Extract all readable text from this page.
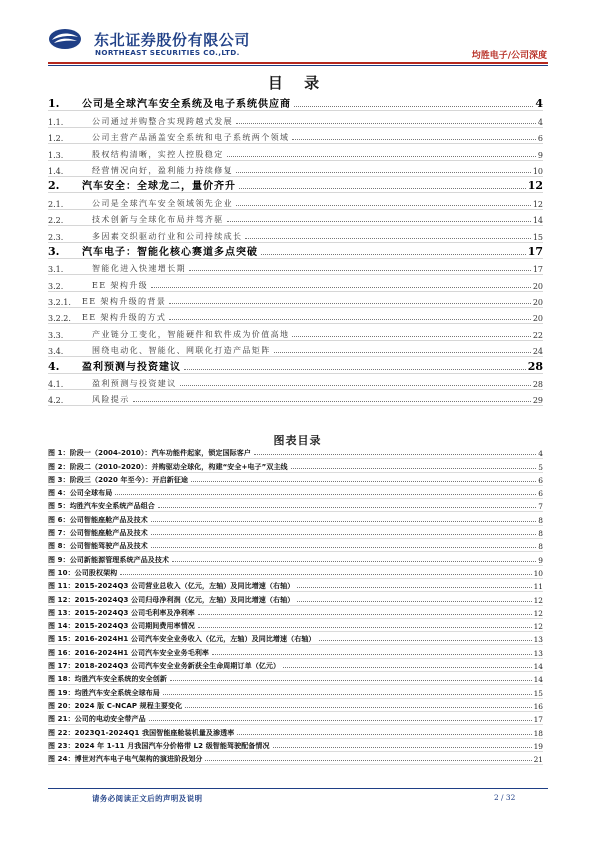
东北证券股份有限公司
NORTHEAST SECURITIES CO.,LTD.	均胜电子/公司深度
目 录
1.	公司是全球汽车安全系统及电子系统供应商	4
1.1.	公司通过并购整合实现跨越式发展	4
1.2.	公司主营产品涵盖安全系统和电子系统两个领域	6
1.3.	股权结构清晰，实控人控股稳定	9
1.4.	经营情况向好，盈利能力持续修复	10
2.	汽车安全：全球龙二，量价齐升	12
2.1.	公司是全球汽车安全领域领先企业	12
2.2.	技术创新与全球化布局并驾齐驱	14
2.3.	多因素交织驱动行业和公司持续成长	15
3.	汽车电子：智能化核心赛道多点突破	17
3.1.	智能化进入快速增长期	17
3.2.	EE 架构升级	20
3.2.1.	EE 架构升级的背景	20
3.2.2.	EE 架构升级的方式	20
3.3.	产业链分工变化，智能硬件和软件成为价值高地	22
3.4.	围绕电动化、智能化、网联化打造产品矩阵	24
4.	盈利预测与投资建议	28
4.1.	盈利预测与投资建议	28
4.2.	风险提示	29
图表目录
图 1：阶段一（2004-2010）：汽车功能件起家，锁定国际客户	4
图 2：阶段二（2010-2020）：并购驱动全球化，构建“安全+电子”双主线	5
图 3：阶段三（2020 年至今）：开启新征途	6
图 4：公司全球布局	6
图 5：均胜汽车安全系统产品组合	7
图 6：公司智能座舱产品及技术	8
图 7：公司智能座舱产品及技术	8
图 8：公司智能驾驶产品及技术	8
图 9：公司新能源管理系统产品及技术	9
图 10：公司股权架构	10
图 11：2015-2024Q3 公司营业总收入（亿元，左轴）及同比增速（右轴）	11
图 12：2015-2024Q3 公司归母净利润（亿元，左轴）及同比增速（右轴）	12
图 13：2015-2024Q3 公司毛利率及净利率	12
图 14：2015-2024Q3 公司期间费用率情况	12
图 15：2016-2024H1 公司汽车安全业务收入（亿元，左轴）及同比增速（右轴）	13
图 16：2016-2024H1 公司汽车安全业务毛利率	13
图 17：2018-2024Q3 公司汽车安全业务新获全生命周期订单（亿元）	14
图 18：均胜汽车安全系统的安全创新	14
图 19：均胜汽车安全系统全球布局	15
图 20：2024 版 C-NCAP 规程主要变化	16
图 21：公司的电动安全带产品	17
图 22：2023Q1-2024Q1 我国智能座舱装机量及渗透率	18
图 23：2024 年 1-11 月我国汽车分价格带 L2 级智能驾驶配备情况	19
图 24：博世对汽车电子电气架构的演进阶段划分	21
请务必阅读正文后的声明及说明	2 / 32
